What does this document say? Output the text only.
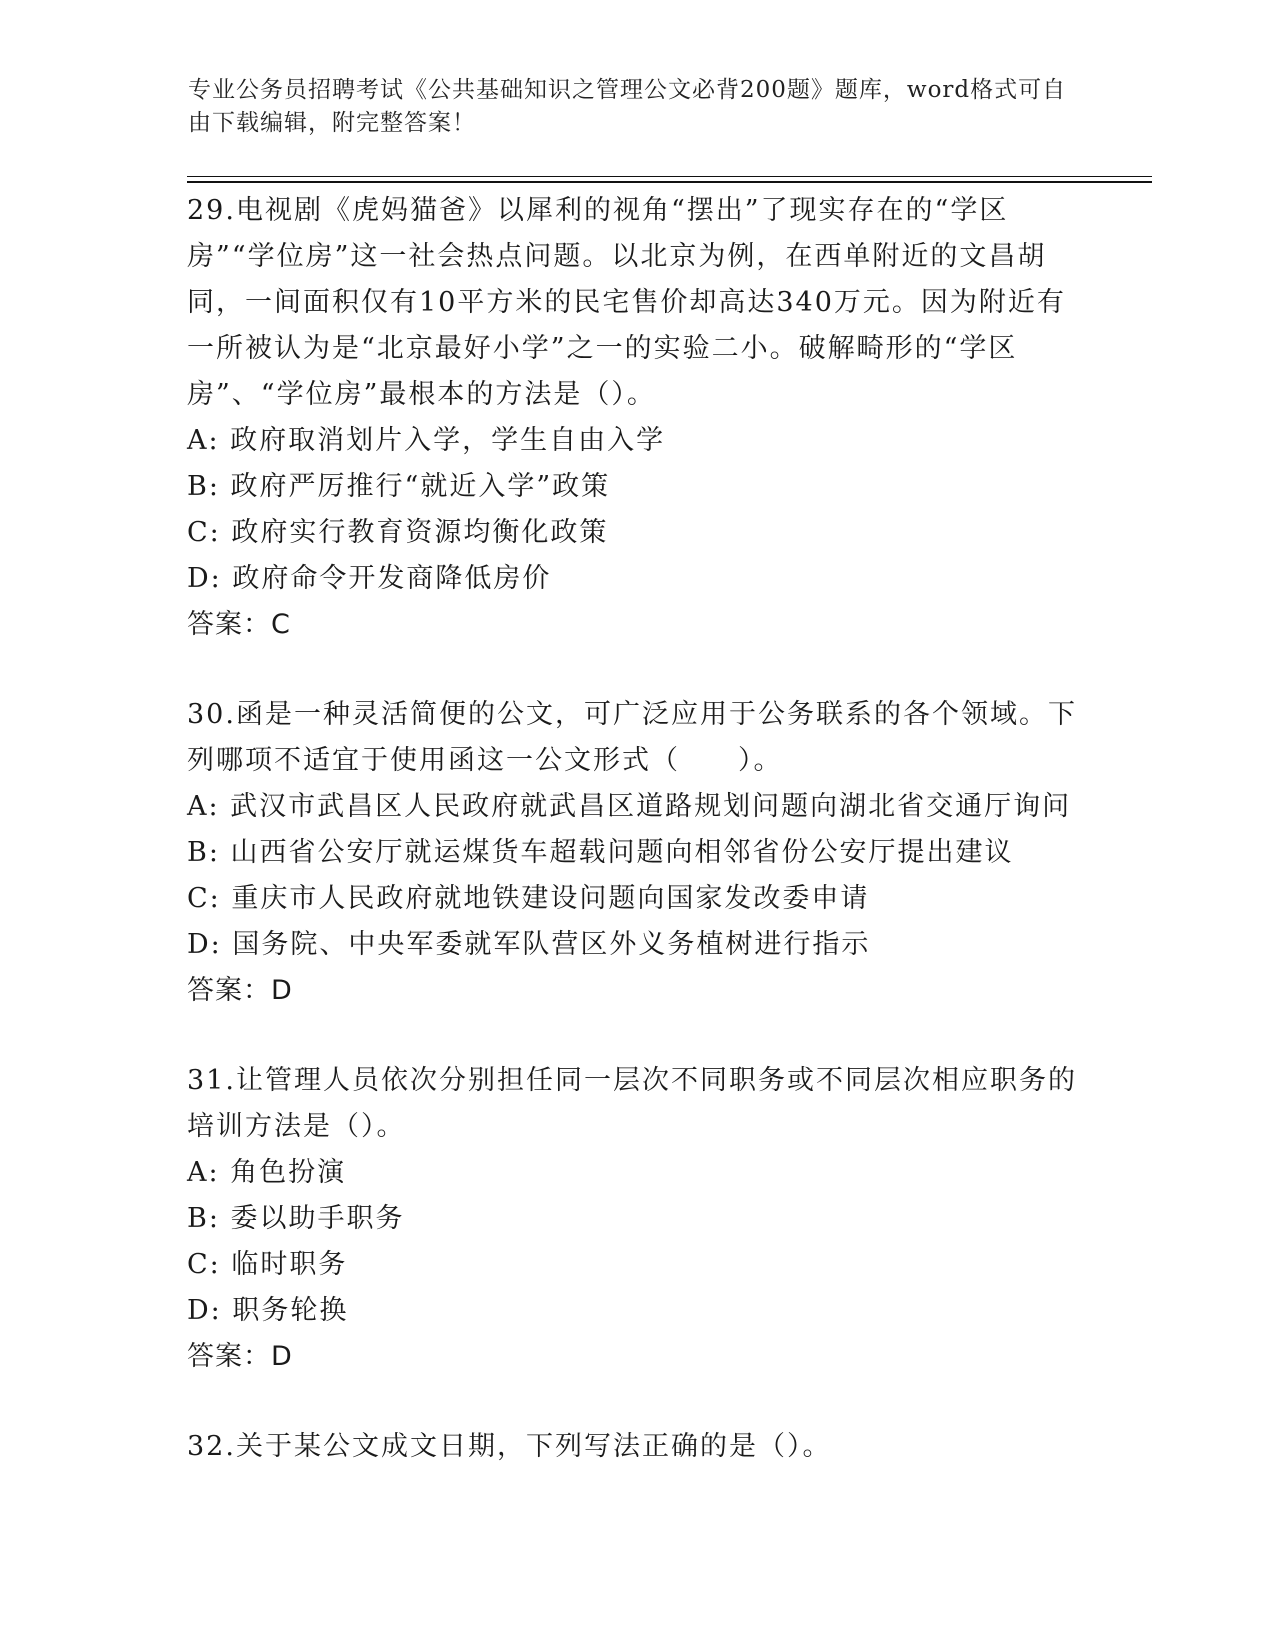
专业公务员招聘考试《公共基础知识之管理公文必背200题》题库，word格式可自由下载编辑，附完整答案！

29.电视剧《虎妈猫爸》以犀利的视角“摆出”了现实存在的“学区房”“学位房”这一社会热点问题。以北京为例，在西单附近的文昌胡同，一间面积仅有10平方米的民宅售价却高达340万元。因为附近有一所被认为是“北京最好小学”之一的实验二小。破解畸形的“学区房”、“学位房”最根本的方法是（）。

A: 政府取消划片入学，学生自由入学

B: 政府严厉推行“就近入学”政策

C: 政府实行教育资源均衡化政策

D: 政府命令开发商降低房价

答案：C

30.函是一种灵活简便的公文，可广泛应用于公务联系的各个领域。下列哪项不适宜于使用函这一公文形式（　　）。

A: 武汉市武昌区人民政府就武昌区道路规划问题向湖北省交通厅询问

B: 山西省公安厅就运煤货车超载问题向相邻省份公安厅提出建议

C: 重庆市人民政府就地铁建设问题向国家发改委申请

D: 国务院、中央军委就军队营区外义务植树进行指示

答案：D

31.让管理人员依次分别担任同一层次不同职务或不同层次相应职务的培训方法是（）。

A: 角色扮演

B: 委以助手职务

C: 临时职务

D: 职务轮换

答案：D

32.关于某公文成文日期，下列写法正确的是（）。
